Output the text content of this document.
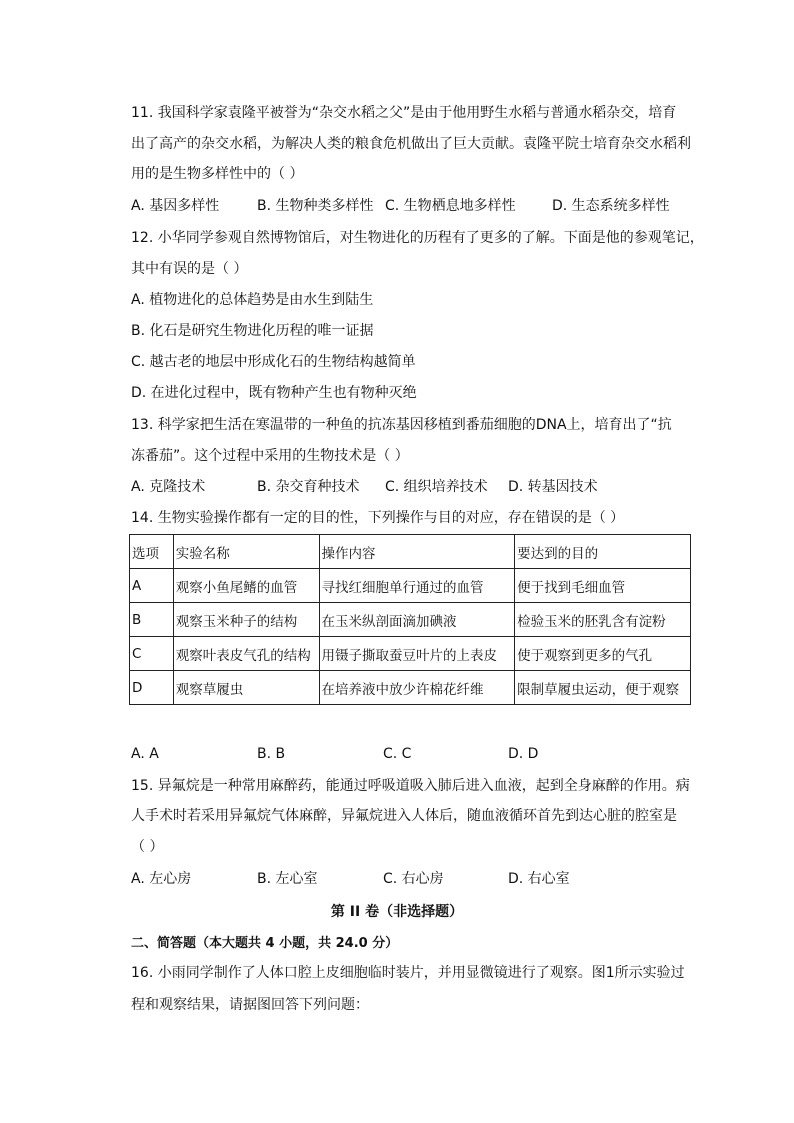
11. 我国科学家袁隆平被誉为“杂交水稻之父”是由于他用野生水稻与普通水稻杂交，培育
出了高产的杂交水稻，为解决人类的粮食危机做出了巨大贡献。袁隆平院士培育杂交水稻利
用的是生物多样性中的（ ）
A. 基因多样性	B. 生物种类多样性 C. 生物栖息地多样性	D. 生态系统多样性
12. 小华同学参观自然博物馆后，对生物进化的历程有了更多的了解。下面是他的参观笔记，
其中有误的是（ ）
A. 植物进化的总体趋势是由水生到陆生
B. 化石是研究生物进化历程的唯一证据
C. 越古老的地层中形成化石的生物结构越简单
D. 在进化过程中，既有物种产生也有物种灭绝
13. 科学家把生活在寒温带的一种鱼的抗冻基因移植到番茄细胞的DNA上，培育出了“抗
冻番茄”。这个过程中采用的生物技术是（ ）
A. 克隆技术	B. 杂交育种技术 C. 组织培养技术 D. 转基因技术
14. 生物实验操作都有一定的目的性，下列操作与目的对应，存在错误的是（ ）
选项	实验名称	操作内容	要达到的目的
A	观察小鱼尾鳍的血管	寻找红细胞单行通过的血管	便于找到毛细血管
B	观察玉米种子的结构	在玉米纵剖面滴加碘液	检验玉米的胚乳含有淀粉
C	观察叶表皮气孔的结构	用镊子撕取蚕豆叶片的上表皮	使于观察到更多的气孔
D	观察草履虫	在培养液中放少许棉花纤维	限制草履虫运动，便于观察
A. A	B. B	C. C	D. D
15. 异氟烷是一种常用麻醉药，能通过呼吸道吸入肺后进入血液，起到全身麻醉的作用。病
人手术时若采用异氟烷气体麻醉，异氟烷进入人体后，随血液循环首先到达心脏的腔室是
（ ）
A. 左心房	B. 左心室	C. 右心房	D. 右心室
第 II 卷（非选择题）
二、简答题（本大题共 4 小题，共 24.0 分）
16. 小雨同学制作了人体口腔上皮细胞临时装片，并用显微镜进行了观察。图1所示实验过
程和观察结果，请据图回答下列问题：
